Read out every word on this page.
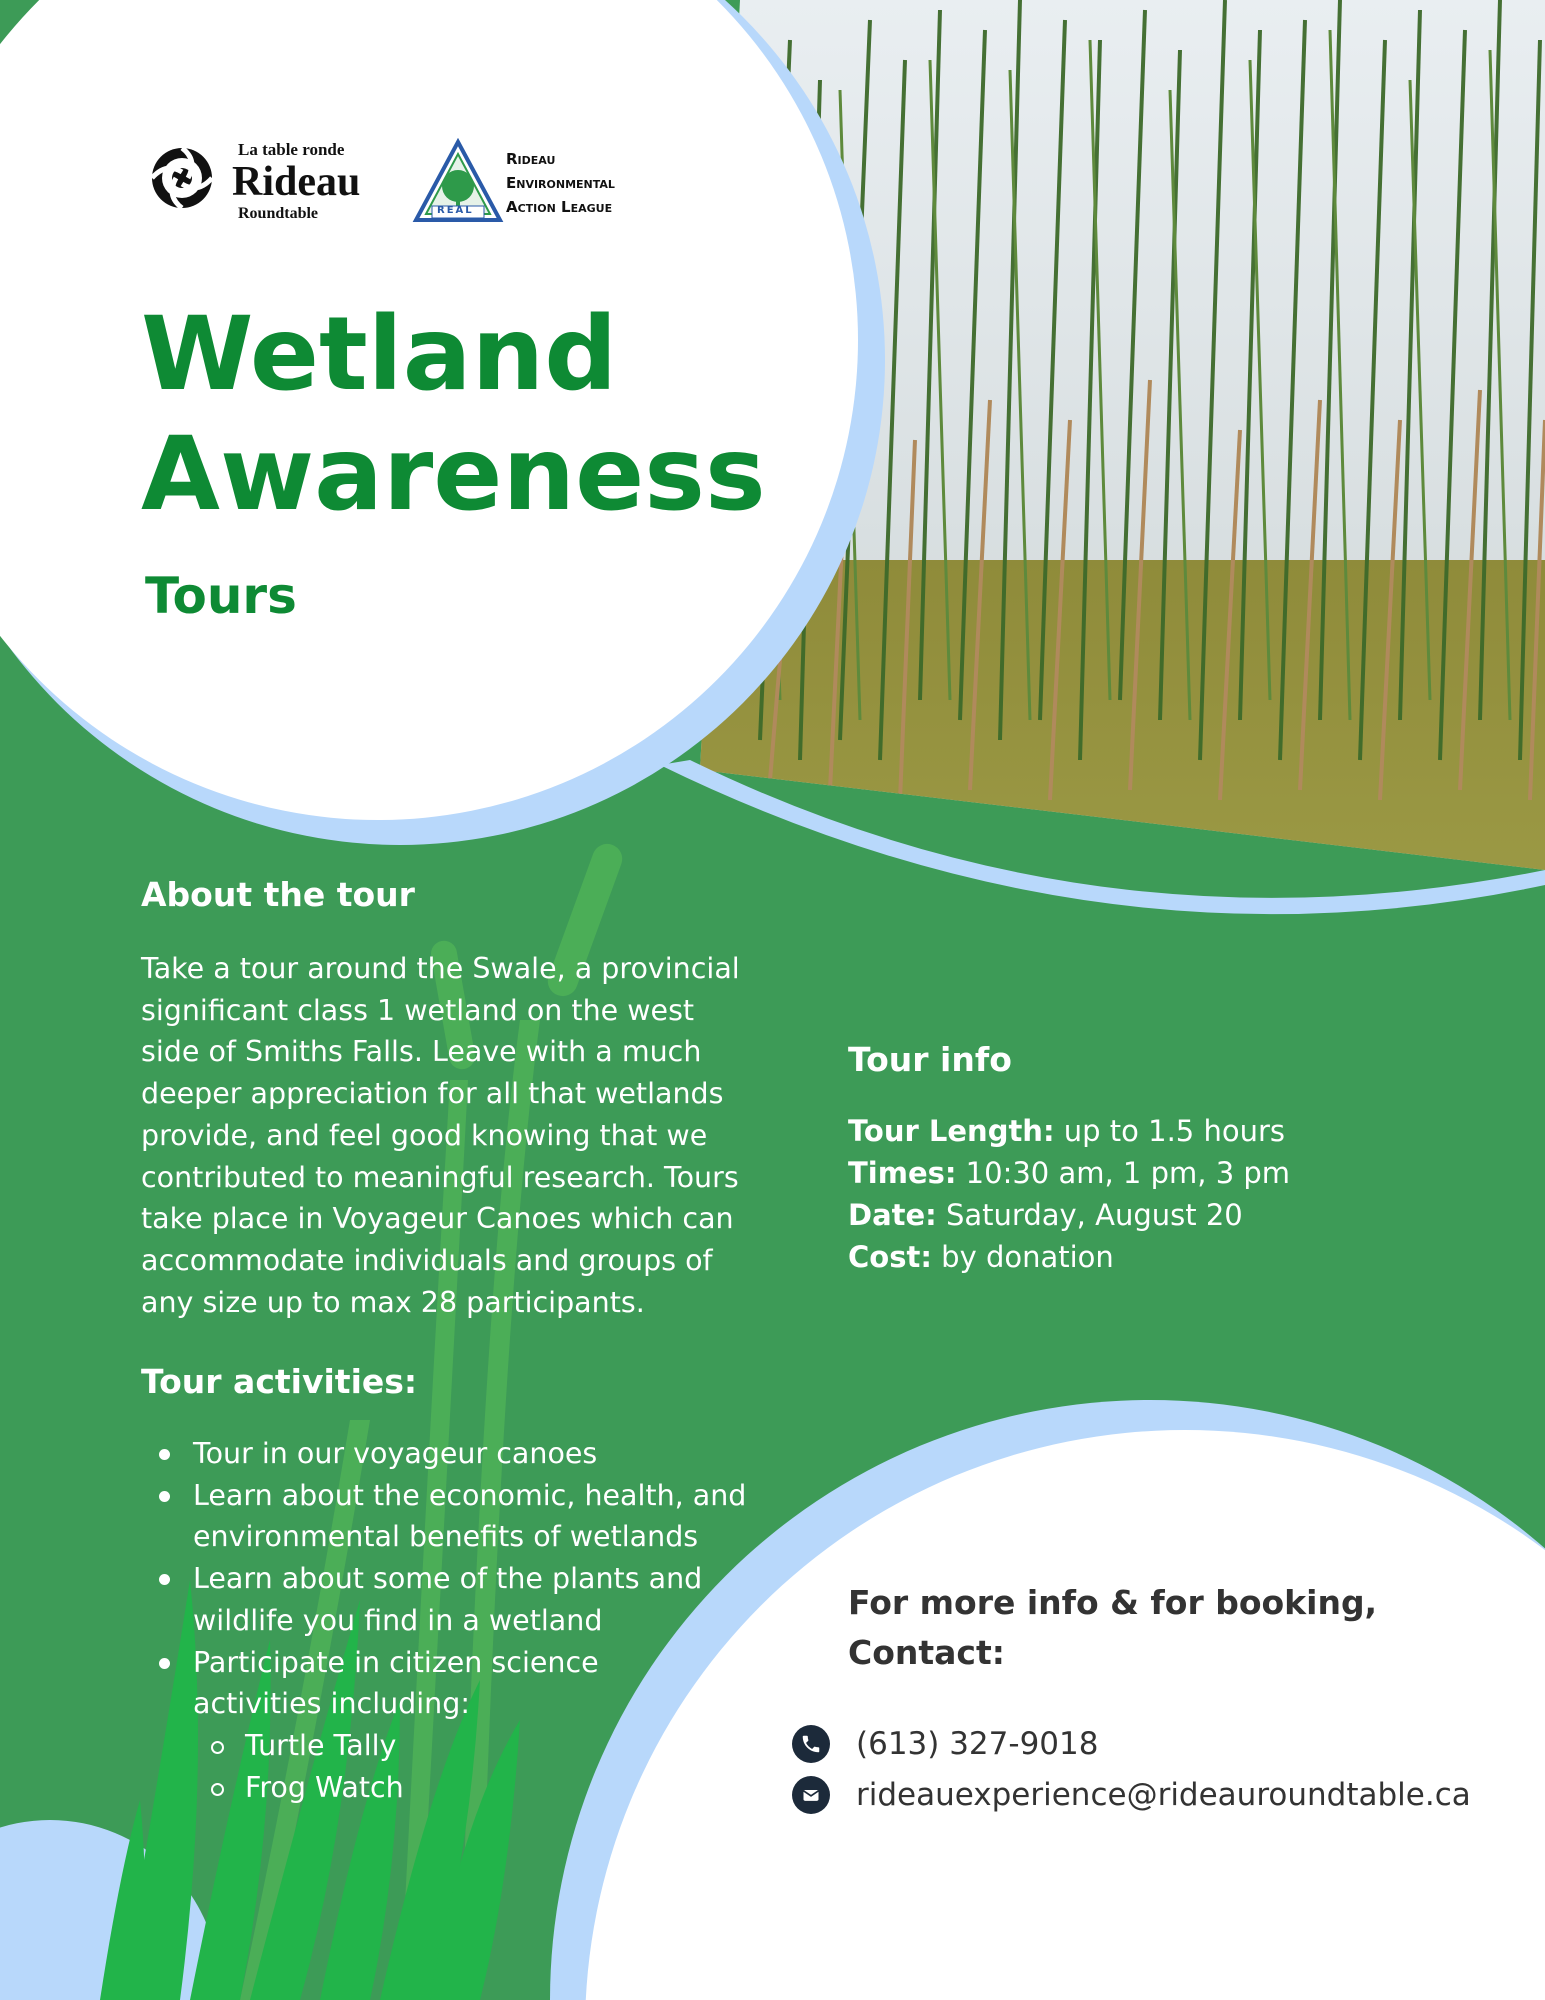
La table ronde
Rideau
Roundtable	REAL
Rideau
Environmental
Action League
Wetland
Awareness
Tours
About the tour
Take a tour around the Swale, a provincial
significant class 1 wetland on the west
side of Smiths Falls. Leave with a much
deeper appreciation for all that wetlands
provide, and feel good knowing that we
contributed to meaningful research. Tours
take place in Voyageur Canoes which can
accommodate individuals and groups of
any size up to max 28 participants.
Tour activities:
Tour in our voyageur canoes
Learn about the economic, health, and
environmental benefits of wetlands
Learn about some of the plants and
wildlife you find in a wetland
Participate in citizen science
activities including:
Turtle Tally
Frog Watch
Tour info
Tour Length: up to 1.5 hours
Times: 10:30 am, 1 pm, 3 pm
Date: Saturday, August 20
Cost: by donation
For more info & for booking,
Contact:
(613) 327-9018
rideauexperience@rideauroundtable.ca
